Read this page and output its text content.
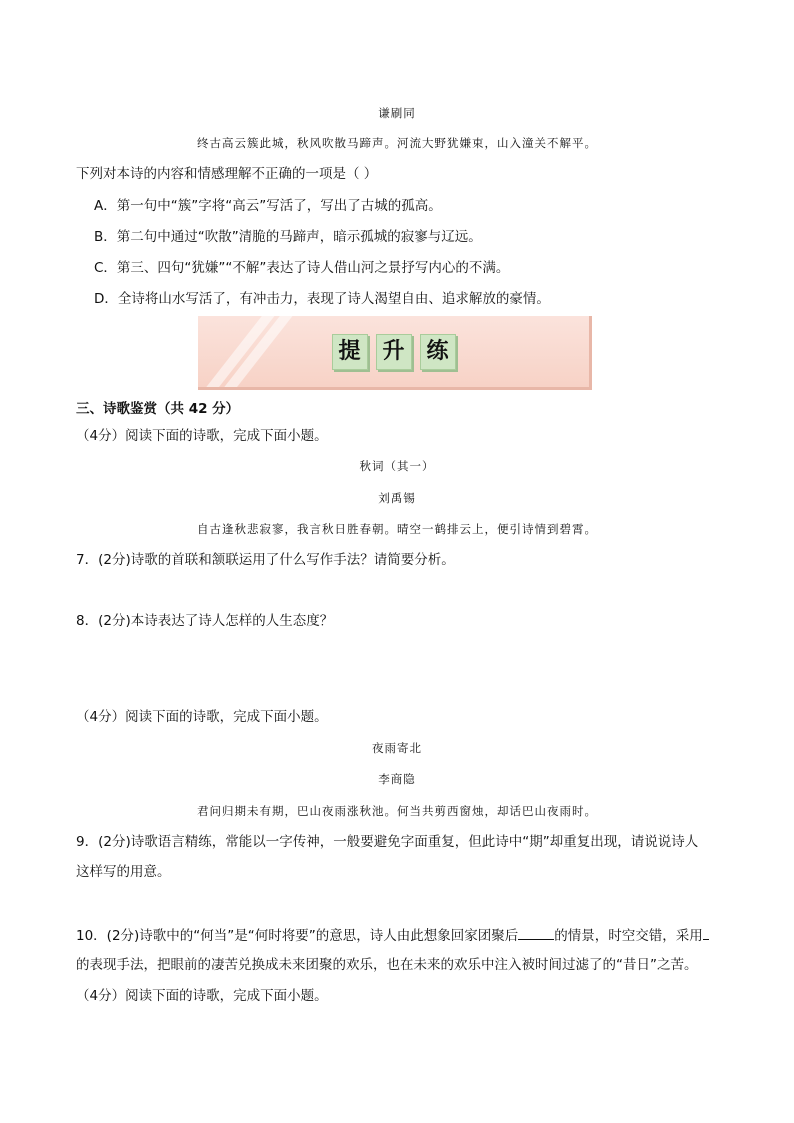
谦刷同
终古高云簇此城，秋风吹散马蹄声。河流大野犹嫌束，山入潼关不解平。
下列对本诗的内容和情感理解不正确的一项是（ ）
A．第一句中“簇”字将“高云”写活了，写出了古城的孤高。
B．第二句中通过“吹散”清脆的马蹄声，暗示孤城的寂寥与辽远。
C．第三、四句“犹嫌”“不解”表达了诗人借山河之景抒写内心的不满。
D．全诗将山水写活了，有冲击力，表现了诗人渴望自由、追求解放的豪情。
提 升 练
三、诗歌鉴赏（共 42 分）
（4分）阅读下面的诗歌，完成下面小题。
秋词（其一）
刘禹锡
自古逢秋悲寂寥，我言秋日胜春朝。晴空一鹤排云上，便引诗情到碧霄。
7．(2分)诗歌的首联和颔联运用了什么写作手法？请简要分析。
8．(2分)本诗表达了诗人怎样的人生态度？
（4分）阅读下面的诗歌，完成下面小题。
夜雨寄北
李商隐
君问归期未有期，巴山夜雨涨秋池。何当共剪西窗烛，却话巴山夜雨时。
9．(2分)诗歌语言精练，常能以一字传神，一般要避免字面重复，但此诗中“期”却重复出现，请说说诗人
这样写的用意。
10．(2分)诗歌中的“何当”是“何时将要”的意思，诗人由此想象回家团聚后	的情景，时空交错，采用
的表现手法，把眼前的凄苦兑换成未来团聚的欢乐，也在未来的欢乐中注入被时间过滤了的“昔日”之苦。
（4分）阅读下面的诗歌，完成下面小题。
